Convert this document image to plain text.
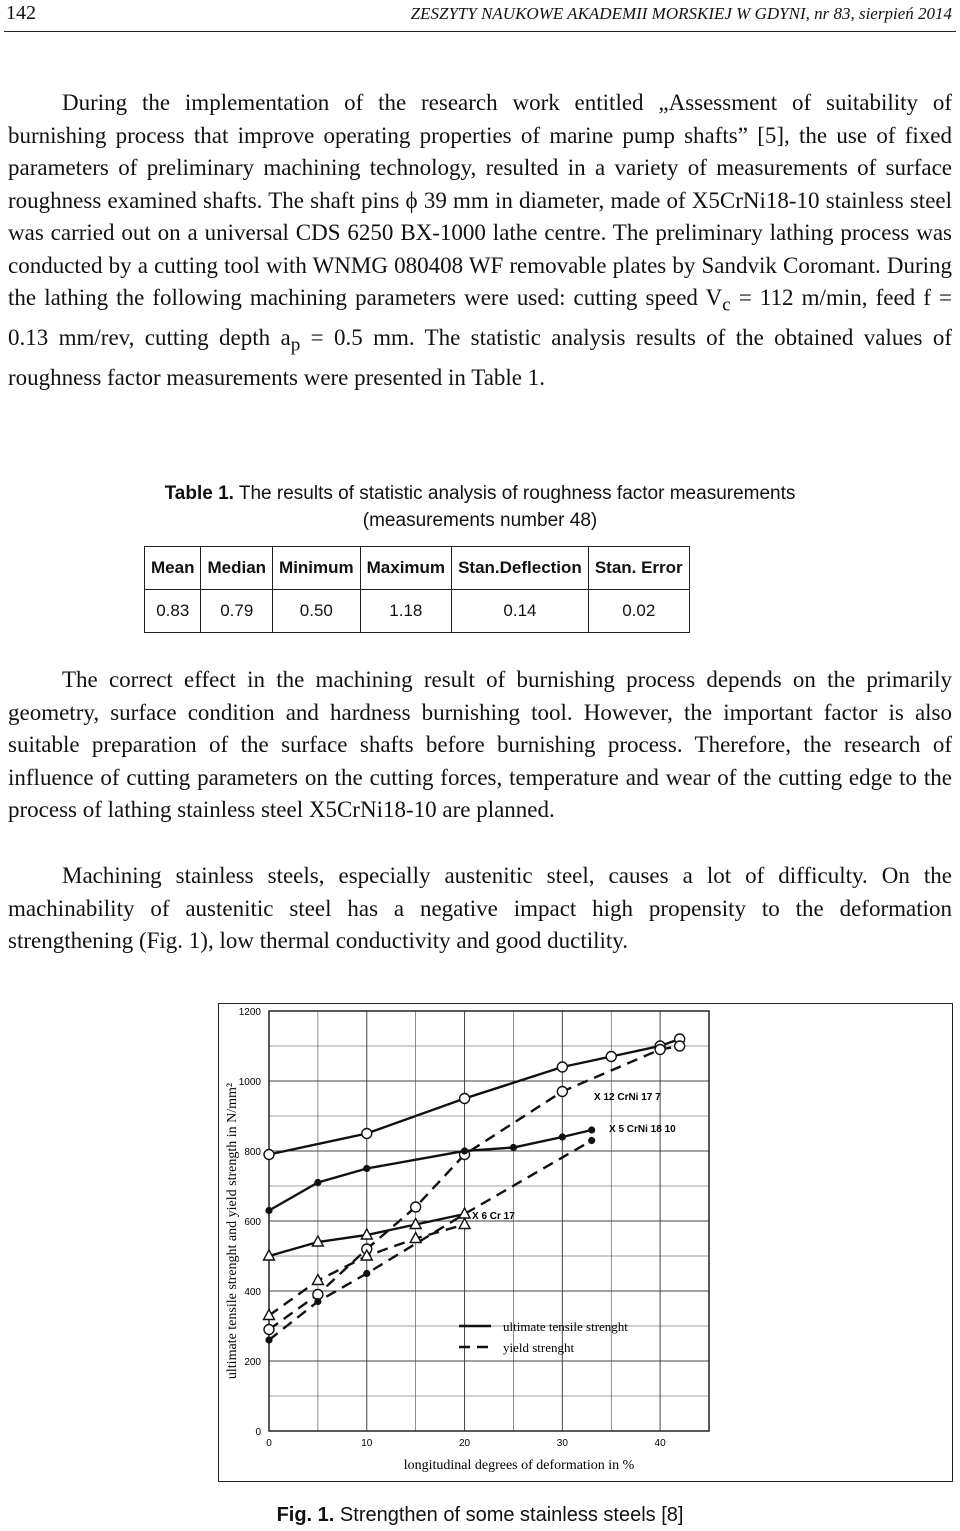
142	ZESZYTY NAUKOWE AKADEMII MORSKIEJ W GDYNI, nr 83, sierpień 2014
During the implementation of the research work entitled „Assessment of suitability of burnishing process that improve operating properties of marine pump shafts” [5], the use of fixed parameters of preliminary machining technology, resulted in a variety of measurements of surface roughness examined shafts. The shaft pins ϕ 39 mm in diameter, made of X5CrNi18-10 stainless steel was carried out on a universal CDS 6250 BX-1000 lathe centre. The preliminary lathing process was conducted by a cutting tool with WNMG 080408 WF removable plates by Sandvik Coromant. During the lathing the following machining parameters were used: cutting speed $V_c = 112$ m/min, feed f = 0.13 mm/rev, cutting depth $a_p = 0.5$ mm. The statistic analysis results of the obtained values of roughness factor measurements were presented in Table 1.
Table 1. The results of statistic analysis of roughness factor measurements
(measurements number 48)
Mean	Median	Minimum	Maximum	Stan.Deflection	Stan. Error
0.83	0.79	0.50	1.18	0.14	0.02
The correct effect in the machining result of burnishing process depends on the primarily geometry, surface condition and hardness burnishing tool. However, the important factor is also suitable preparation of the surface shafts before burnishing process. Therefore, the research of influence of cutting parameters on the cutting forces, temperature and wear of the cutting edge to the process of lathing stainless steel X5CrNi18-10 are planned.
Machining stainless steels, especially austenitic steel, causes a lot of difficulty. On the machinability of austenitic steel has a negative impact high propensity to the deformation strengthening (Fig. 1), low thermal conductivity and good ductility.
0	10	20	30	40
0
200
400
600
800
1000
1200
longitudinal degrees of deformation in %
ultimate tensile strenght and yield strength in N/mm²	X 12 CrNi 17 7
X 5 CrNi 18 10
X 6 Cr 17
ultimate tensile strenght
yield strenght
Fig. 1. Strengthen of some stainless steels [8]
